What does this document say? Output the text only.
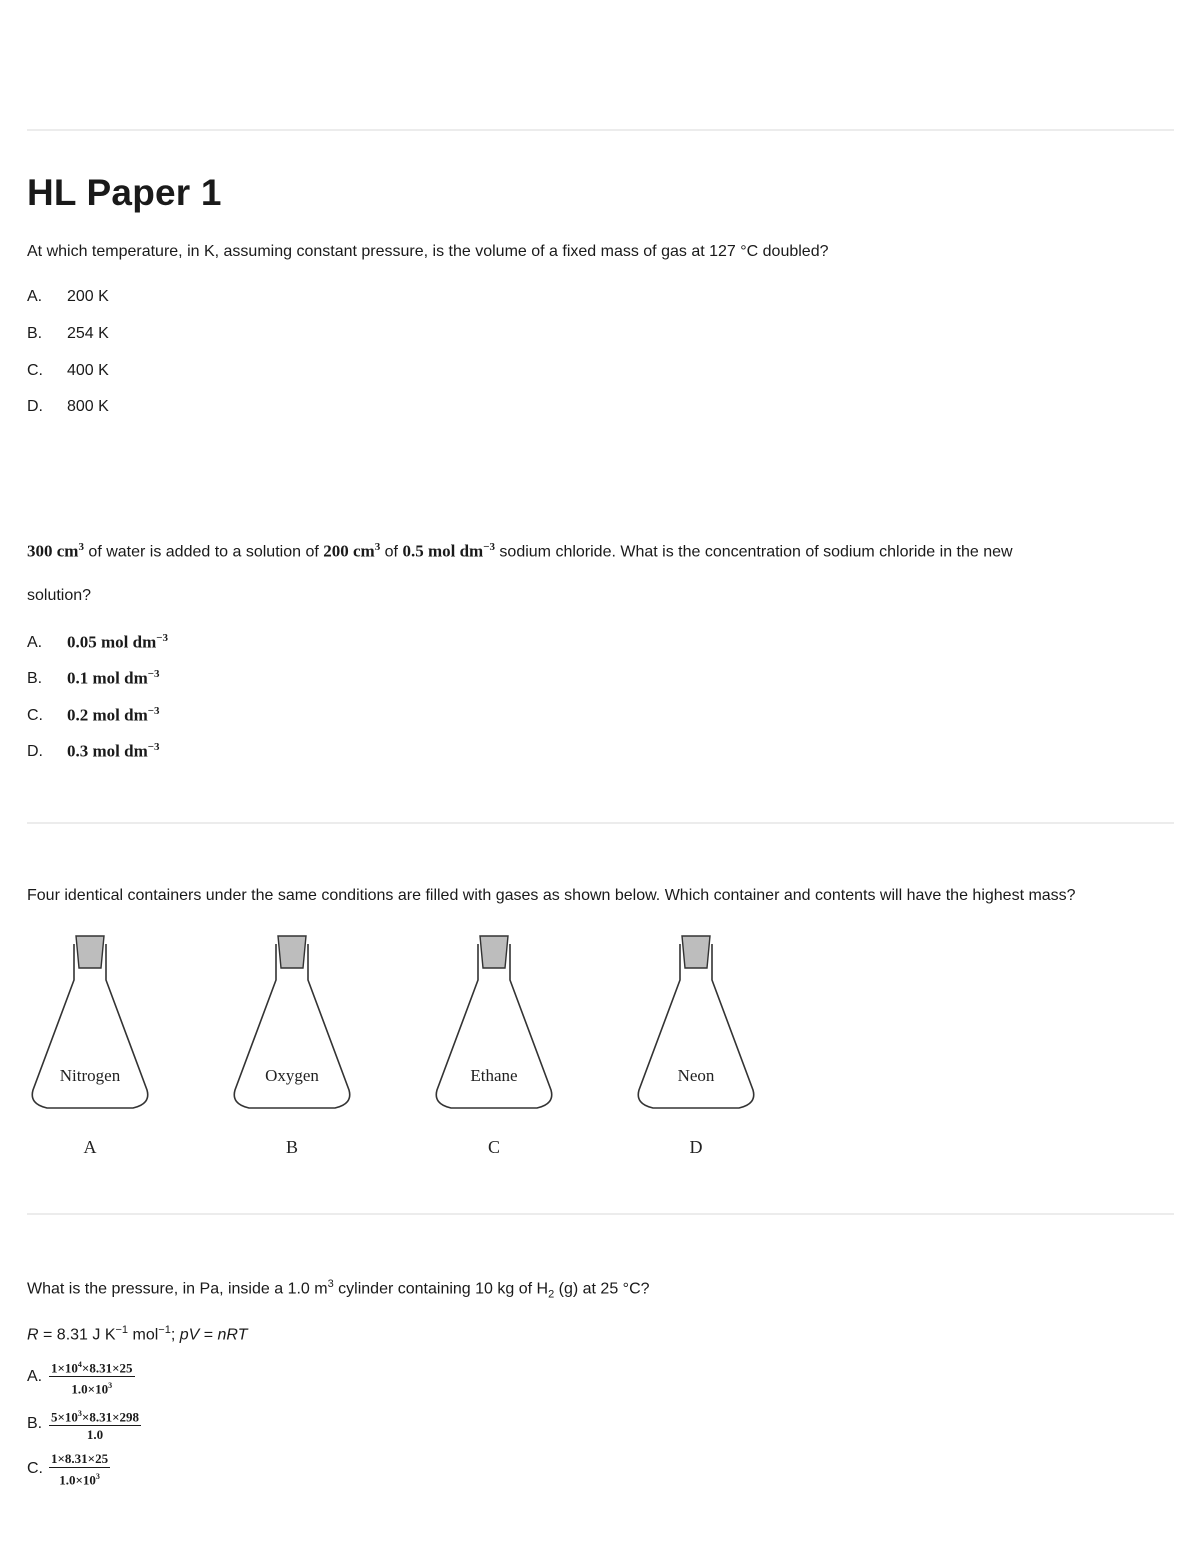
HL Paper 1
At which temperature, in K, assuming constant pressure, is the volume of a fixed mass of gas at 127 °C doubled?
A. 200 K
B. 254 K
C. 400 K
D. 800 K
300 $cm^3$ of water is added to a solution of 200 $cm^3$ of 0.5 mol $dm^{-3}$ sodium chloride. What is the concentration of sodium chloride in the new
solution?
A. 0.05 mol $dm^{-3}$
B. 0.1 mol $dm^{-3}$
C. 0.2 mol $dm^{-3}$
D. 0.3 mol $dm^{-3}$
Four identical containers under the same conditions are filled with gases as shown below. Which container and contents will have the highest mass?
Nitrogen
A
Oxygen
B
Ethane
C
Neon
D
What is the pressure, in Pa, inside a 1.0 $m^3$ cylinder containing 10 kg of $H_2$ (g) at 25 °C?
R = 8.31 J $K^{-1}$ mol$^{-1}$; pV = nRT
A. $\frac{1\times 10^4\times 8.31\times 25}{1.0\times 10^3}$
B. $\frac{5\times 10^3\times 8.31\times 298}{1.0}$
C. $\frac{1\times 8.31\times 25}{1.0\times 10^3}$
